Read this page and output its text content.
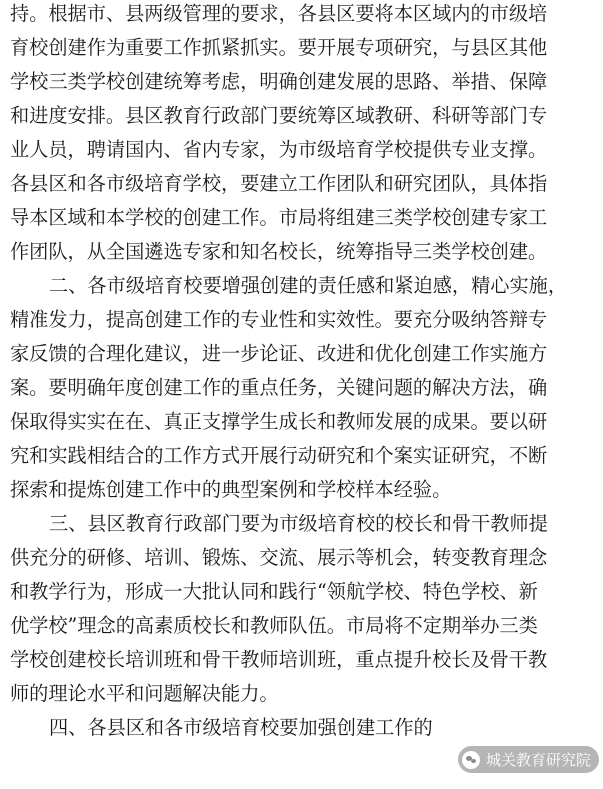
持。根据市、县两级管理的要求，各县区要将本区域内的市级培
育校创建作为重要工作抓紧抓实。要开展专项研究，与县区其他
学校三类学校创建统筹考虑，明确创建发展的思路、举措、保障
和进度安排。县区教育行政部门要统筹区域教研、科研等部门专
业人员，聘请国内、省内专家，为市级培育学校提供专业支撑。
各县区和各市级培育学校，要建立工作团队和研究团队，具体指
导本区域和本学校的创建工作。市局将组建三类学校创建专家工
作团队，从全国遴选专家和知名校长，统筹指导三类学校创建。
二、各市级培育校要增强创建的责任感和紧迫感，精心实施，
精准发力，提高创建工作的专业性和实效性。要充分吸纳答辩专
家反馈的合理化建议，进一步论证、改进和优化创建工作实施方
案。要明确年度创建工作的重点任务，关键问题的解决方法，确
保取得实实在在、真正支撑学生成长和教师发展的成果。要以研
究和实践相结合的工作方式开展行动研究和个案实证研究，不断
探索和提炼创建工作中的典型案例和学校样本经验。
三、县区教育行政部门要为市级培育校的校长和骨干教师提
供充分的研修、培训、锻炼、交流、展示等机会，转变教育理念
和教学行为，形成一大批认同和践行“领航学校、特色学校、新
优学校”理念的高素质校长和教师队伍。市局将不定期举办三类
学校创建校长培训班和骨干教师培训班，重点提升校长及骨干教
师的理论水平和问题解决能力。
四、各县区和各市级培育校要加强创建工作的
城关教育研究院
